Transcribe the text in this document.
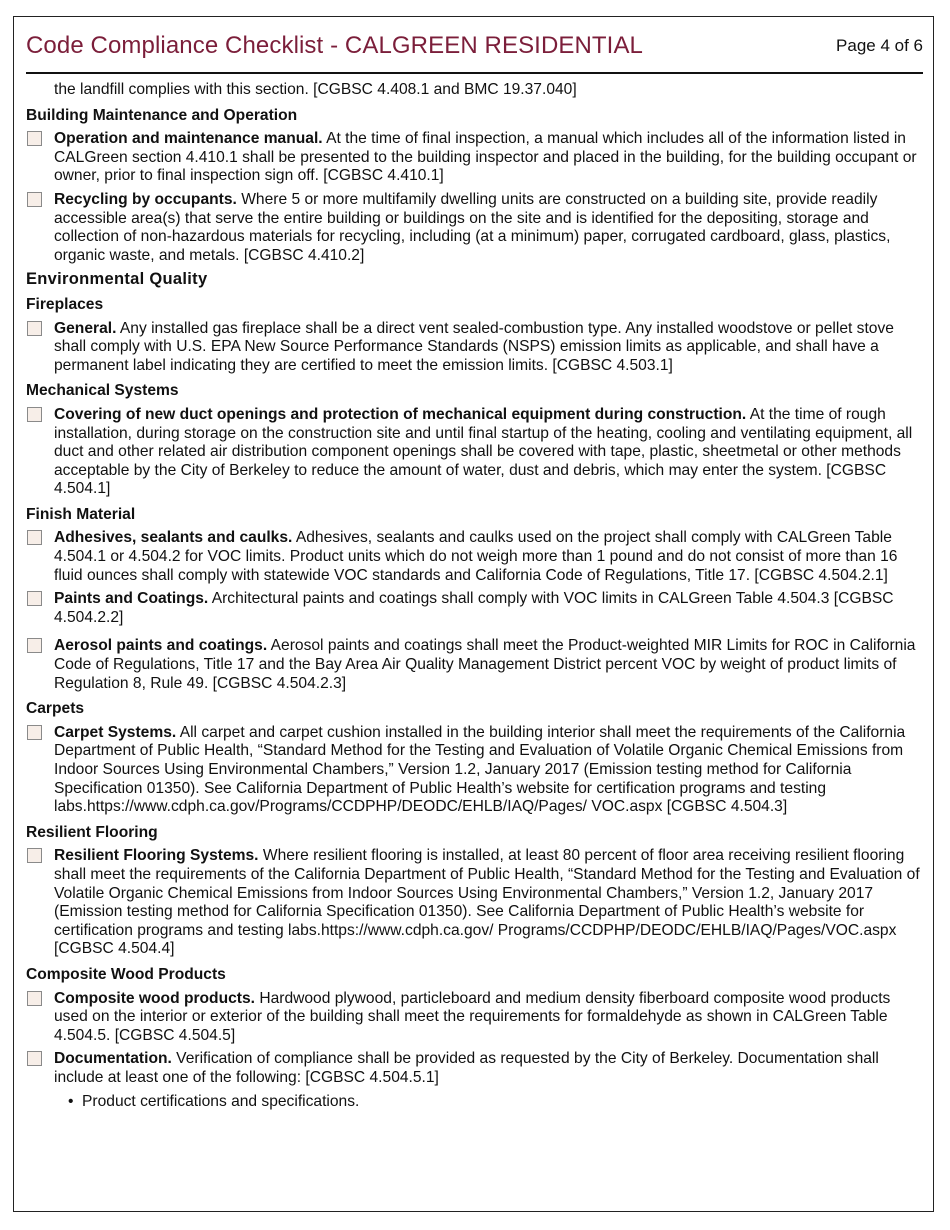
Code Compliance Checklist - CALGREEN RESIDENTIAL	Page 4 of 6
the landfill complies with this section. [CGBSC 4.408.1 and BMC 19.37.040]
Building Maintenance and Operation
Operation and maintenance manual. At the time of final inspection, a manual which includes all of the information listed in CALGreen section 4.410.1 shall be presented to the building inspector and placed in the building, for the building occupant or owner, prior to final inspection sign off. [CGBSC 4.410.1]
Recycling by occupants. Where 5 or more multifamily dwelling units are constructed on a building site, provide readily accessible area(s) that serve the entire building or buildings on the site and is identified for the depositing, storage and collection of non-hazardous materials for recycling, including (at a minimum) paper, corrugated cardboard, glass, plastics, organic waste, and metals. [CGBSC 4.410.2]
Environmental Quality
Fireplaces
General. Any installed gas fireplace shall be a direct vent sealed-combustion type. Any installed woodstove or pellet stove shall comply with U.S. EPA New Source Performance Standards (NSPS) emission limits as applicable, and shall have a permanent label indicating they are certified to meet the emission limits. [CGBSC 4.503.1]
Mechanical Systems
Covering of new duct openings and protection of mechanical equipment during construction. At the time of rough installation, during storage on the construction site and until final startup of the heating, cooling and ventilating equipment, all duct and other related air distribution component openings shall be covered with tape, plastic, sheetmetal or other methods acceptable by the City of Berkeley to reduce the amount of water, dust and debris, which may enter the system. [CGBSC 4.504.1]
Finish Material
Adhesives, sealants and caulks. Adhesives, sealants and caulks used on the project shall comply with CALGreen Table 4.504.1 or 4.504.2 for VOC limits. Product units which do not weigh more than 1 pound and do not consist of more than 16 fluid ounces shall comply with statewide VOC standards and California Code of Regulations, Title 17. [CGBSC 4.504.2.1]
Paints and Coatings. Architectural paints and coatings shall comply with VOC limits in CALGreen Table 4.504.3 [CGBSC 4.504.2.2]
Aerosol paints and coatings. Aerosol paints and coatings shall meet the Product-weighted MIR Limits for ROC in California Code of Regulations, Title 17 and the Bay Area Air Quality Management District percent VOC by weight of product limits of Regulation 8, Rule 49. [CGBSC 4.504.2.3]
Carpets
Carpet Systems. All carpet and carpet cushion installed in the building interior shall meet the requirements of the California Department of Public Health, “Standard Method for the Testing and Evaluation of Volatile Organic Chemical Emissions from Indoor Sources Using Environmental Chambers,” Version 1.2, January 2017 (Emission testing method for California Specification 01350). See California Department of Public Health’s website for certification programs and testing labs.https://www.cdph.ca.gov/Programs/CCDPHP/DEODC/EHLB/IAQ/Pages/ VOC.aspx [CGBSC 4.504.3]
Resilient Flooring
Resilient Flooring Systems. Where resilient flooring is installed, at least 80 percent of floor area receiving resilient flooring shall meet the requirements of the California Department of Public Health, “Standard Method for the Testing and Evaluation of Volatile Organic Chemical Emissions from Indoor Sources Using Environmental Chambers,” Version 1.2, January 2017 (Emission testing method for California Specification 01350). See California Department of Public Health’s website for certification programs and testing labs.https://www.cdph.ca.gov/ Programs/CCDPHP/DEODC/EHLB/IAQ/Pages/VOC.aspx [CGBSC 4.504.4]
Composite Wood Products
Composite wood products. Hardwood plywood, particleboard and medium density fiberboard composite wood products used on the interior or exterior of the building shall meet the requirements for formaldehyde as shown in CALGreen Table 4.504.5. [CGBSC 4.504.5]
Documentation. Verification of compliance shall be provided as requested by the City of Berkeley. Documentation shall include at least one of the following: [CGBSC 4.504.5.1]
• Product certifications and specifications.
